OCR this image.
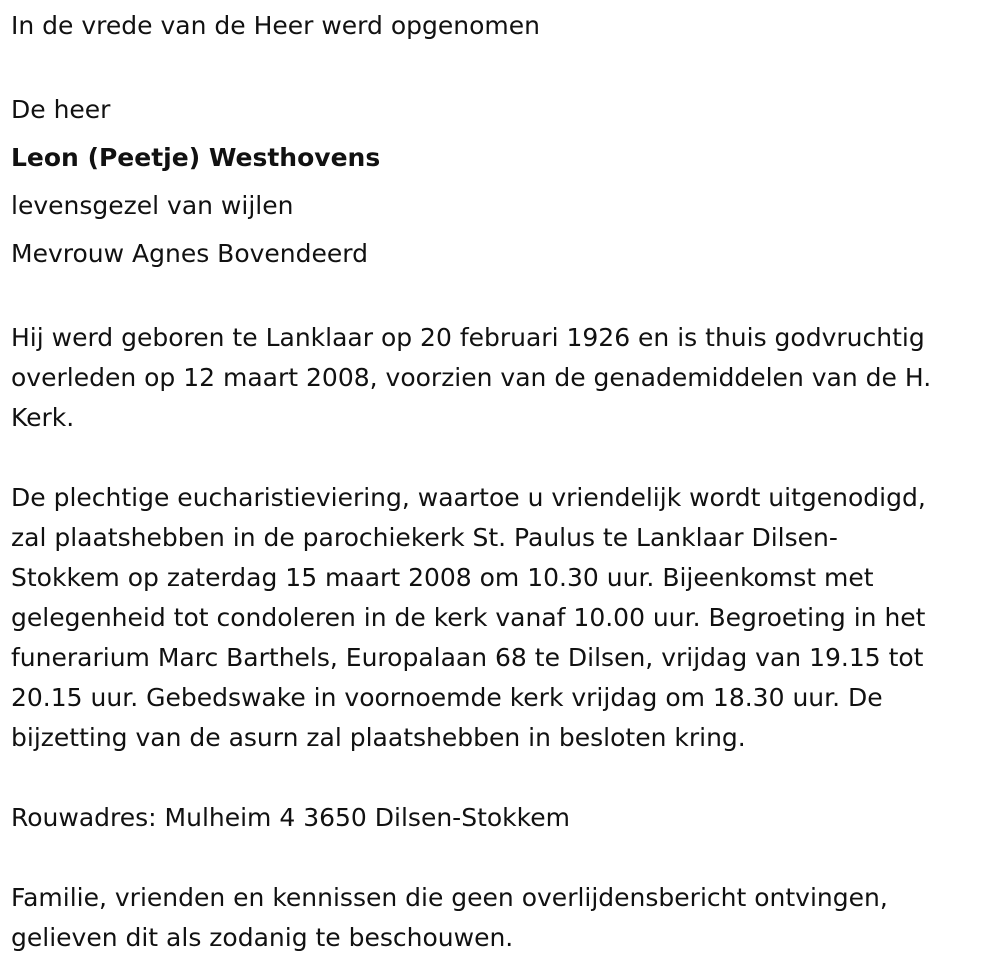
In de vrede van de Heer werd opgenomen
De heer
Leon (Peetje) Westhovens
levensgezel van wijlen
Mevrouw Agnes Bovendeerd
Hij werd geboren te Lanklaar op 20 februari 1926 en is thuis godvruchtig
overleden op 12 maart 2008, voorzien van de genademiddelen van de H.
Kerk.
De plechtige eucharistieviering, waartoe u vriendelijk wordt uitgenodigd,
zal plaatshebben in de parochiekerk St. Paulus te Lanklaar Dilsen-
Stokkem op zaterdag 15 maart 2008 om 10.30 uur. Bijeenkomst met
gelegenheid tot condoleren in de kerk vanaf 10.00 uur. Begroeting in het
funerarium Marc Barthels, Europalaan 68 te Dilsen, vrijdag van 19.15 tot
20.15 uur. Gebedswake in voornoemde kerk vrijdag om 18.30 uur. De
bijzetting van de asurn zal plaatshebben in besloten kring.
Rouwadres: Mulheim 4 3650 Dilsen-Stokkem
Familie, vrienden en kennissen die geen overlijdensbericht ontvingen,
gelieven dit als zodanig te beschouwen.
